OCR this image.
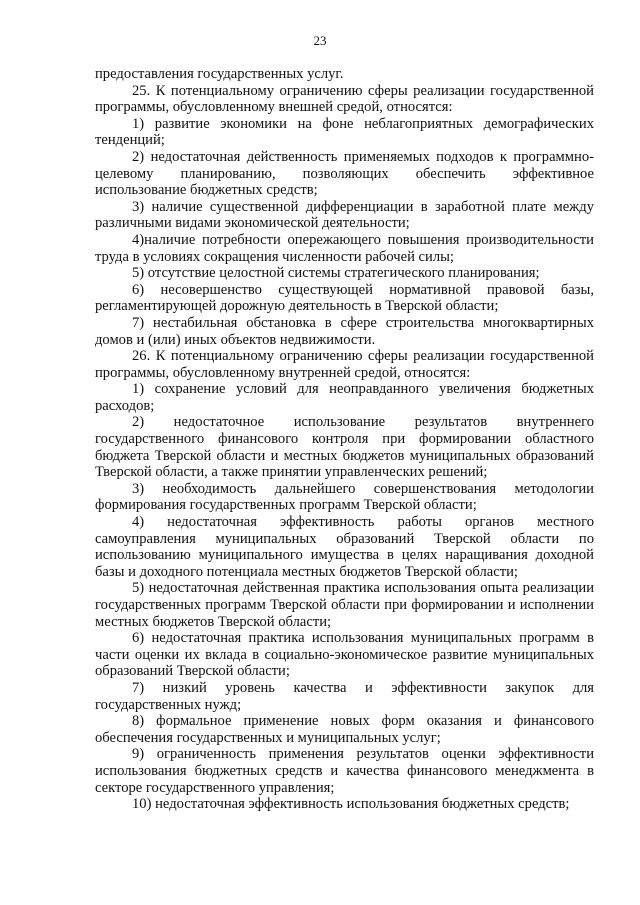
23

предоставления государственных услуг.

25. К потенциальному ограничению сферы реализации государственной программы, обусловленному внешней средой, относятся:

1) развитие экономики на фоне неблагоприятных демографических тенденций;

2) недостаточная действенность применяемых подходов к программно-целевому планированию, позволяющих обеспечить эффективное использование бюджетных средств;

3) наличие существенной дифференциации в заработной плате между различными видами экономической деятельности;

4)наличие потребности опережающего повышения производительности труда в условиях сокращения численности рабочей силы;

5) отсутствие целостной системы стратегического планирования;

6) несовершенство существующей нормативной правовой базы, регламентирующей дорожную деятельность в Тверской области;

7) нестабильная обстановка в сфере строительства многоквартирных домов и (или) иных объектов недвижимости.

26. К потенциальному ограничению сферы реализации государственной программы, обусловленному внутренней средой, относятся:

1) сохранение условий для неоправданного увеличения бюджетных расходов;

2) недостаточное использование результатов внутреннего государственного финансового контроля при формировании областного бюджета Тверской области и местных бюджетов муниципальных образований Тверской области, а также принятии управленческих решений;

3) необходимость дальнейшего совершенствования методологии формирования государственных программ Тверской области;

4) недостаточная эффективность работы органов местного самоуправления муниципальных образований Тверской области по использованию муниципального имущества в целях наращивания доходной базы и доходного потенциала местных бюджетов Тверской области;

5) недостаточная действенная практика использования опыта реализации государственных программ Тверской области при формировании и исполнении местных бюджетов Тверской области;

6) недостаточная практика использования муниципальных программ в части оценки их вклада в социально-экономическое развитие муниципальных образований Тверской области;

7) низкий уровень качества и эффективности закупок для государственных нужд;

8) формальное применение новых форм оказания и финансового обеспечения государственных и муниципальных услуг;

9) ограниченность применения результатов оценки эффективности использования бюджетных средств и качества финансового менеджмента в секторе государственного управления;

10) недостаточная эффективность использования бюджетных средств;
